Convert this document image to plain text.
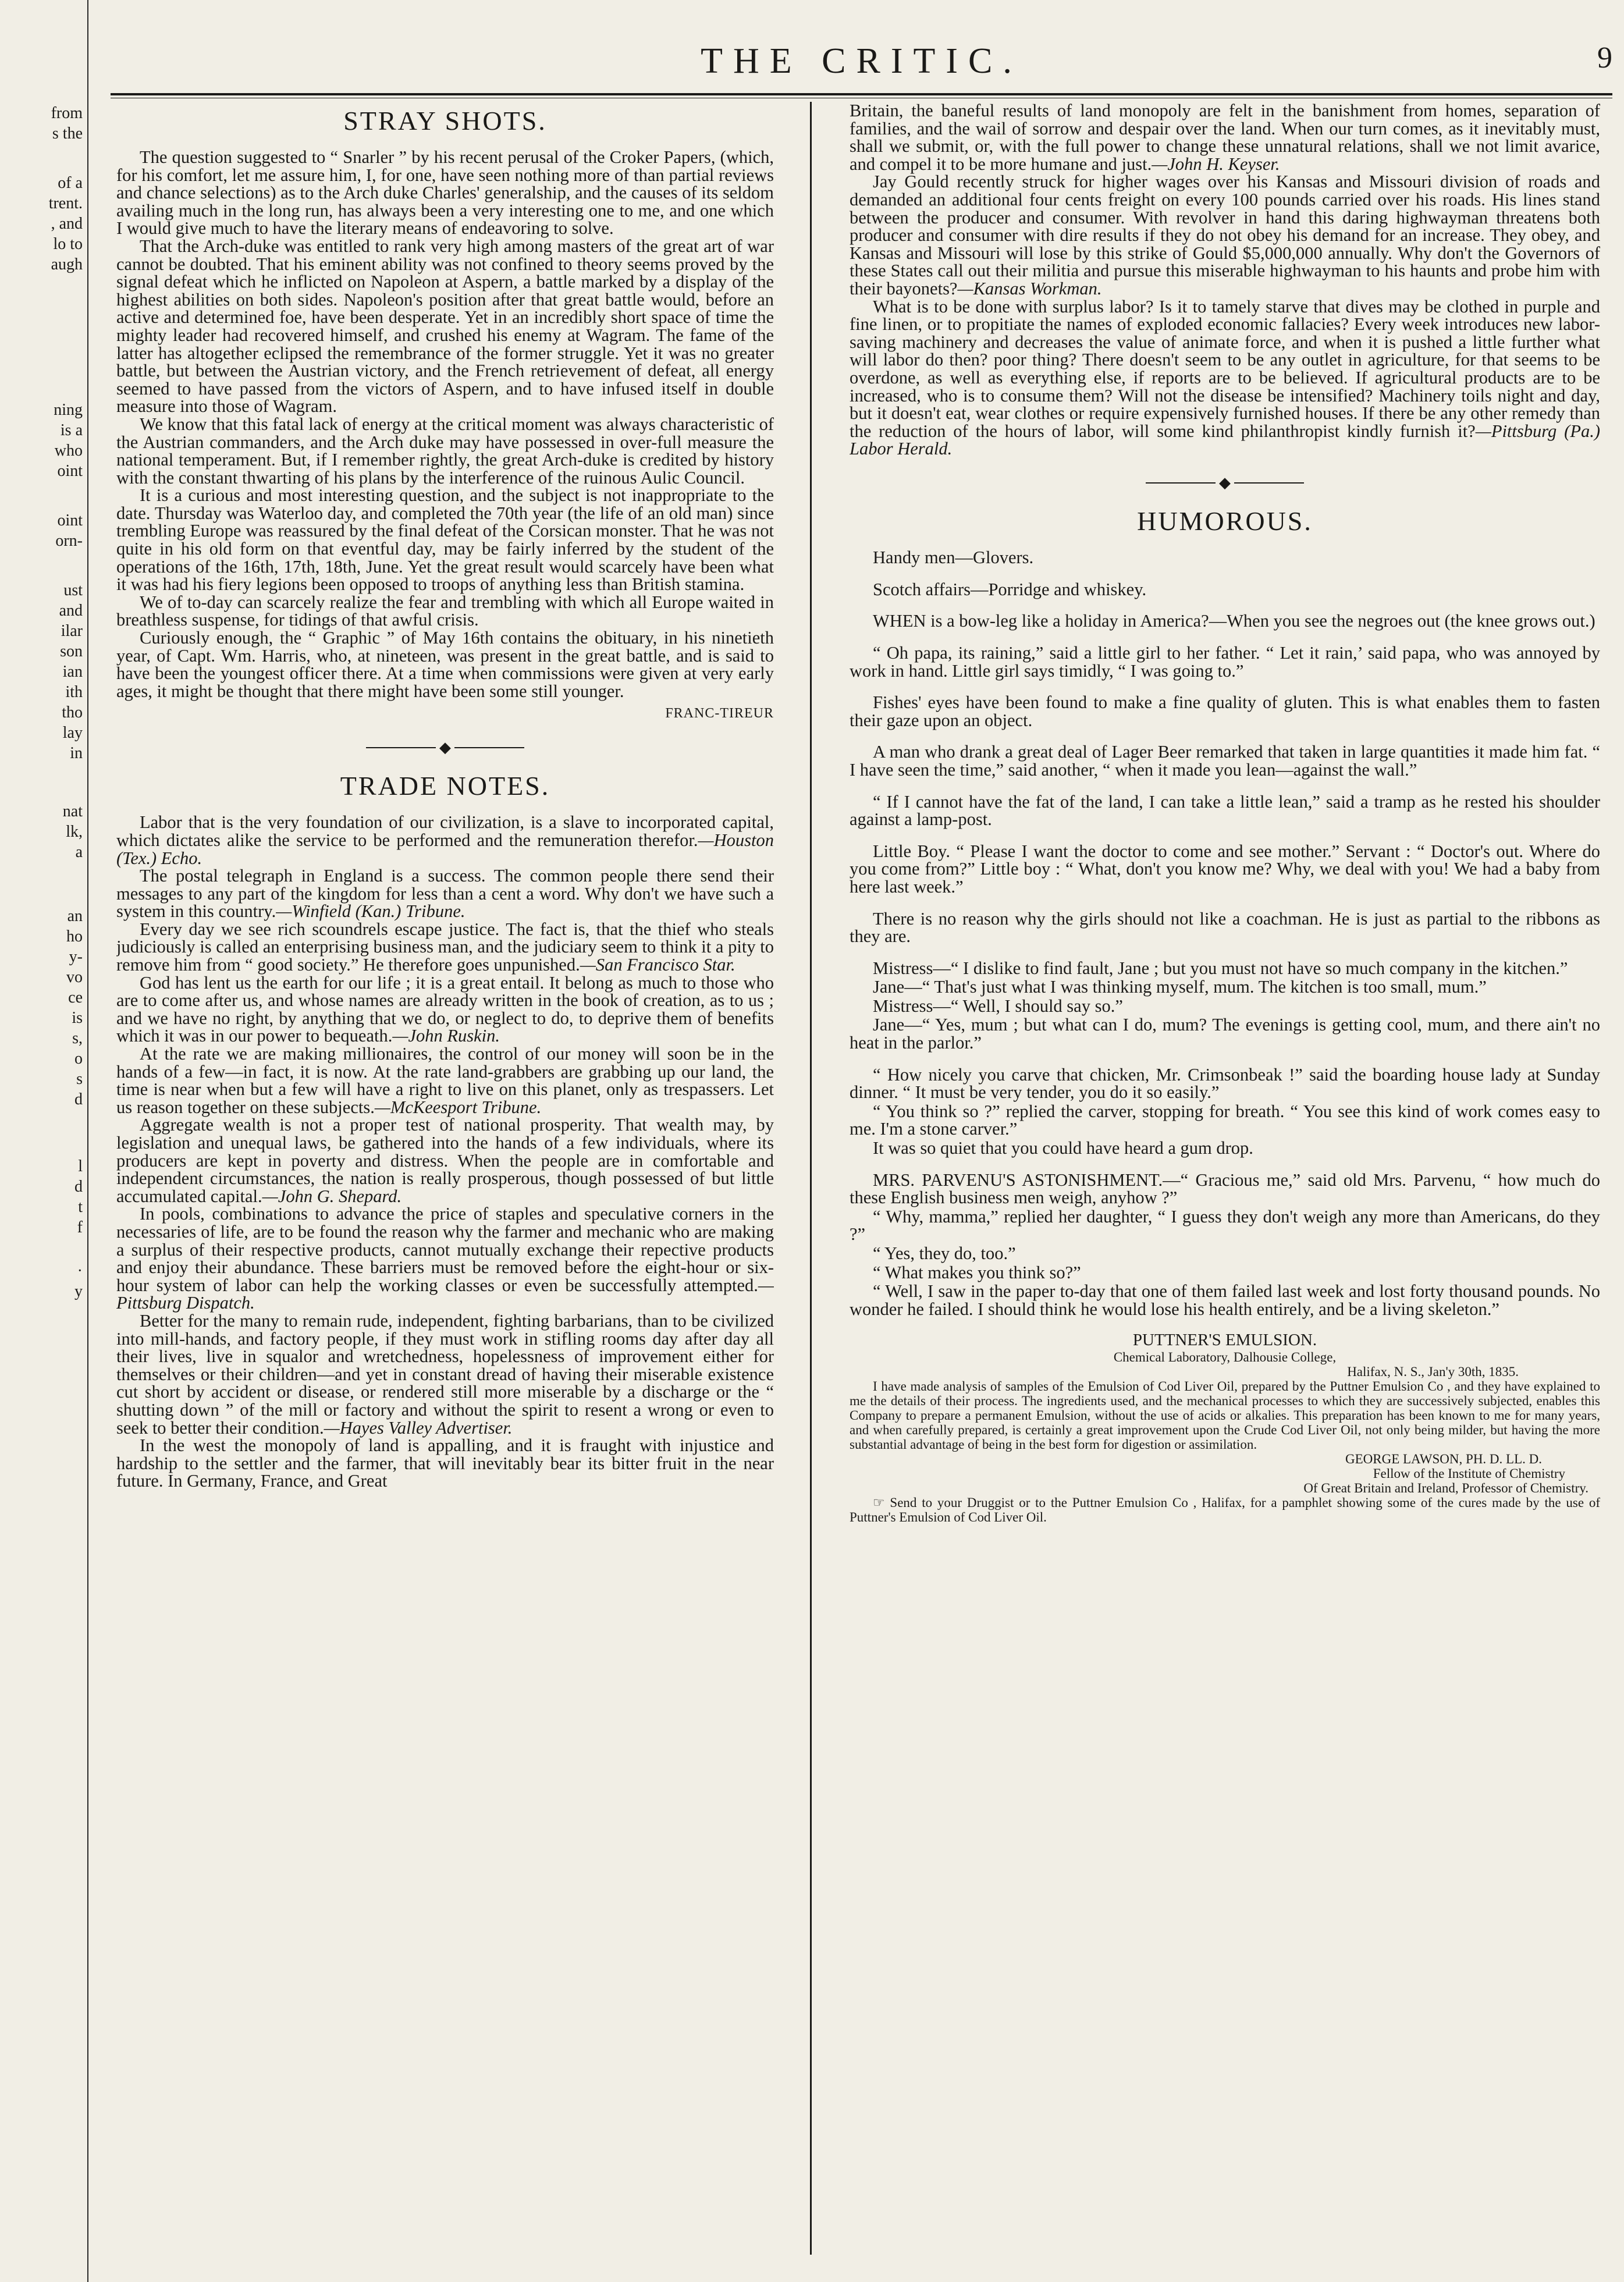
from
s the
of a
trent.
, and
lo to
augh
ning
is a
who
oint
oint
orn-
ust
and
ilar
son
ian
ith
tho
lay
in
nat
lk,
a
an
ho
y-
vo
ce
is
s,
o
s
d
l
d
t
f
·
y
THE CRITIC.	9
STRAY SHOTS.

The question suggested to “ Snarler ” by his recent perusal of the Croker Papers, (which, for his comfort, let me assure him, I, for one, have seen nothing more of than partial reviews and chance selections) as to the Arch duke Charles' generalship, and the causes of its seldom availing much in the long run, has always been a very interesting one to me, and one which I would give much to have the literary means of endeavoring to solve.

That the Arch-duke was entitled to rank very high among masters of the great art of war cannot be doubted. That his eminent ability was not confined to theory seems proved by the signal defeat which he inflicted on Napoleon at Aspern, a battle marked by a display of the highest abilities on both sides. Napoleon's position after that great battle would, before an active and determined foe, have been desperate. Yet in an incredibly short space of time the mighty leader had recovered himself, and crushed his enemy at Wagram. The fame of the latter has altogether eclipsed the remembrance of the former struggle. Yet it was no greater battle, but between the Austrian victory, and the French retrievement of defeat, all energy seemed to have passed from the victors of Aspern, and to have infused itself in double measure into those of Wagram.

We know that this fatal lack of energy at the critical moment was always characteristic of the Austrian commanders, and the Arch duke may have possessed in over-full measure the national temperament. But, if I remember rightly, the great Arch-duke is credited by history with the constant thwarting of his plans by the interference of the ruinous Aulic Council.

It is a curious and most interesting question, and the subject is not inappropriate to the date. Thursday was Waterloo day, and completed the 70th year (the life of an old man) since trembling Europe was reassured by the final defeat of the Corsican monster. That he was not quite in his old form on that eventful day, may be fairly inferred by the student of the operations of the 16th, 17th, 18th, June. Yet the great result would scarcely have been what it was had his fiery legions been opposed to troops of anything less than British stamina.

We of to-day can scarcely realize the fear and trembling with which all Europe waited in breathless suspense, for tidings of that awful crisis.

Curiously enough, the “ Graphic ” of May 16th contains the obituary, in his ninetieth year, of Capt. Wm. Harris, who, at nineteen, was present in the great battle, and is said to have been the youngest officer there. At a time when commissions were given at very early ages, it might be thought that there might have been some still younger.

FRANC-TIREUR
◆
TRADE NOTES.

Labor that is the very foundation of our civilization, is a slave to incorporated capital, which dictates alike the service to be performed and the remuneration therefor.—Houston (Tex.) Echo.

The postal telegraph in England is a success. The common people there send their messages to any part of the kingdom for less than a cent a word. Why don't we have such a system in this country.—Winfield (Kan.) Tribune.

Every day we see rich scoundrels escape justice. The fact is, that the thief who steals judiciously is called an enterprising business man, and the judiciary seem to think it a pity to remove him from “ good society.” He therefore goes unpunished.—San Francisco Star.

God has lent us the earth for our life ; it is a great entail. It belong as much to those who are to come after us, and whose names are already written in the book of creation, as to us ; and we have no right, by anything that we do, or neglect to do, to deprive them of benefits which it was in our power to bequeath.—John Ruskin.

At the rate we are making millionaires, the control of our money will soon be in the hands of a few—in fact, it is now. At the rate land-grabbers are grabbing up our land, the time is near when but a few will have a right to live on this planet, only as trespassers. Let us reason together on these subjects.—McKeesport Tribune.

Aggregate wealth is not a proper test of national prosperity. That wealth may, by legislation and unequal laws, be gathered into the hands of a few individuals, where its producers are kept in poverty and distress. When the people are in comfortable and independent circumstances, the nation is really prosperous, though possessed of but little accumulated capital.—John G. Shepard.

In pools, combinations to advance the price of staples and speculative corners in the necessaries of life, are to be found the reason why the farmer and mechanic who are making a surplus of their respective products, cannot mutually exchange their repective products and enjoy their abundance. These barriers must be removed before the eight-hour or six-hour system of labor can help the working classes or even be successfully attempted.—Pittsburg Dispatch.

Better for the many to remain rude, independent, fighting barbarians, than to be civilized into mill-hands, and factory people, if they must work in stifling rooms day after day all their lives, live in squalor and wretchedness, hopelessness of improvement either for themselves or their children—and yet in constant dread of having their miserable existence cut short by accident or disease, or rendered still more miserable by a discharge or the “ shutting down ” of the mill or factory and without the spirit to resent a wrong or even to seek to better their condition.—Hayes Valley Advertiser.

In the west the monopoly of land is appalling, and it is fraught with injustice and hardship to the settler and the farmer, that will inevitably bear its bitter fruit in the near future. In Germany, France, and Great

Britain, the baneful results of land monopoly are felt in the banishment from homes, separation of families, and the wail of sorrow and despair over the land. When our turn comes, as it inevitably must, shall we submit, or, with the full power to change these unnatural relations, shall we not limit avarice, and compel it to be more humane and just.—John H. Keyser.

Jay Gould recently struck for higher wages over his Kansas and Missouri division of roads and demanded an additional four cents freight on every 100 pounds carried over his roads. His lines stand between the producer and consumer. With revolver in hand this daring highwayman threatens both producer and consumer with dire results if they do not obey his demand for an increase. They obey, and Kansas and Missouri will lose by this strike of Gould $5,000,000 annually. Why don't the Governors of these States call out their militia and pursue this miserable highwayman to his haunts and probe him with their bayonets?—Kansas Workman.

What is to be done with surplus labor? Is it to tamely starve that dives may be clothed in purple and fine linen, or to propitiate the names of exploded economic fallacies? Every week introduces new labor-saving machinery and decreases the value of animate force, and when it is pushed a little further what will labor do then? poor thing? There doesn't seem to be any outlet in agriculture, for that seems to be overdone, as well as everything else, if reports are to be believed. If agricultural products are to be increased, who is to consume them? Will not the disease be intensified? Machinery toils night and day, but it doesn't eat, wear clothes or require expensively furnished houses. If there be any other remedy than the reduction of the hours of labor, will some kind philanthropist kindly furnish it?—Pittsburg (Pa.) Labor Herald.

◆
HUMOROUS.

Handy men—Glovers.

Scotch affairs—Porridge and whiskey.

WHEN is a bow-leg like a holiday in America?—When you see the negroes out (the knee grows out.)

“ Oh papa, its raining,” said a little girl to her father. “ Let it rain,’ said papa, who was annoyed by work in hand. Little girl says timidly, “ I was going to.”

Fishes' eyes have been found to make a fine quality of gluten. This is what enables them to fasten their gaze upon an object.

A man who drank a great deal of Lager Beer remarked that taken in large quantities it made him fat. “ I have seen the time,” said another, “ when it made you lean—against the wall.”

“ If I cannot have the fat of the land, I can take a little lean,” said a tramp as he rested his shoulder against a lamp-post.

Little Boy. “ Please I want the doctor to come and see mother.” Servant : “ Doctor's out. Where do you come from?” Little boy : “ What, don't you know me? Why, we deal with you! We had a baby from here last week.”

There is no reason why the girls should not like a coachman. He is just as partial to the ribbons as they are.

Mistress—“ I dislike to find fault, Jane ; but you must not have so much company in the kitchen.”

Jane—“ That's just what I was thinking myself, mum. The kitchen is too small, mum.”

Mistress—“ Well, I should say so.”

Jane—“ Yes, mum ; but what can I do, mum? The evenings is getting cool, mum, and there ain't no heat in the parlor.”

“ How nicely you carve that chicken, Mr. Crimsonbeak !” said the boarding house lady at Sunday dinner. “ It must be very tender, you do it so easily.”

“ You think so ?” replied the carver, stopping for breath. “ You see this kind of work comes easy to me. I'm a stone carver.”

It was so quiet that you could have heard a gum drop.

MRS. PARVENU'S ASTONISHMENT.—“ Gracious me,” said old Mrs. Parvenu, “ how much do these English business men weigh, anyhow ?”

“ Why, mamma,” replied her daughter, “ I guess they don't weigh any more than Americans, do they ?”

“ Yes, they do, too.”

“ What makes you think so?”

“ Well, I saw in the paper to-day that one of them failed last week and lost forty thousand pounds. No wonder he failed. I should think he would lose his health entirely, and be a living skeleton.”

PUTTNER'S EMULSION.
Chemical Laboratory, Dalhousie College,
Halifax, N. S., Jan'y 30th, 1835.

I have made analysis of samples of the Emulsion of Cod Liver Oil, prepared by the Puttner Emulsion Co , and they have explained to me the details of their process. The ingredients used, and the mechanical processes to which they are successively subjected, enables this Company to prepare a permanent Emulsion, without the use of acids or alkalies. This preparation has been known to me for many years, and when carefully prepared, is certainly a great improvement upon the Crude Cod Liver Oil, not only being milder, but having the more substantial advantage of being in the best form for digestion or assimilation.

GEORGE LAWSON, PH. D. LL. D.
Fellow of the Institute of Chemistry
Of Great Britain and Ireland, Professor of Chemistry.

☞ Send to your Druggist or to the Puttner Emulsion Co , Halifax, for a pamphlet showing some of the cures made by the use of Puttner's Emulsion of Cod Liver Oil.
